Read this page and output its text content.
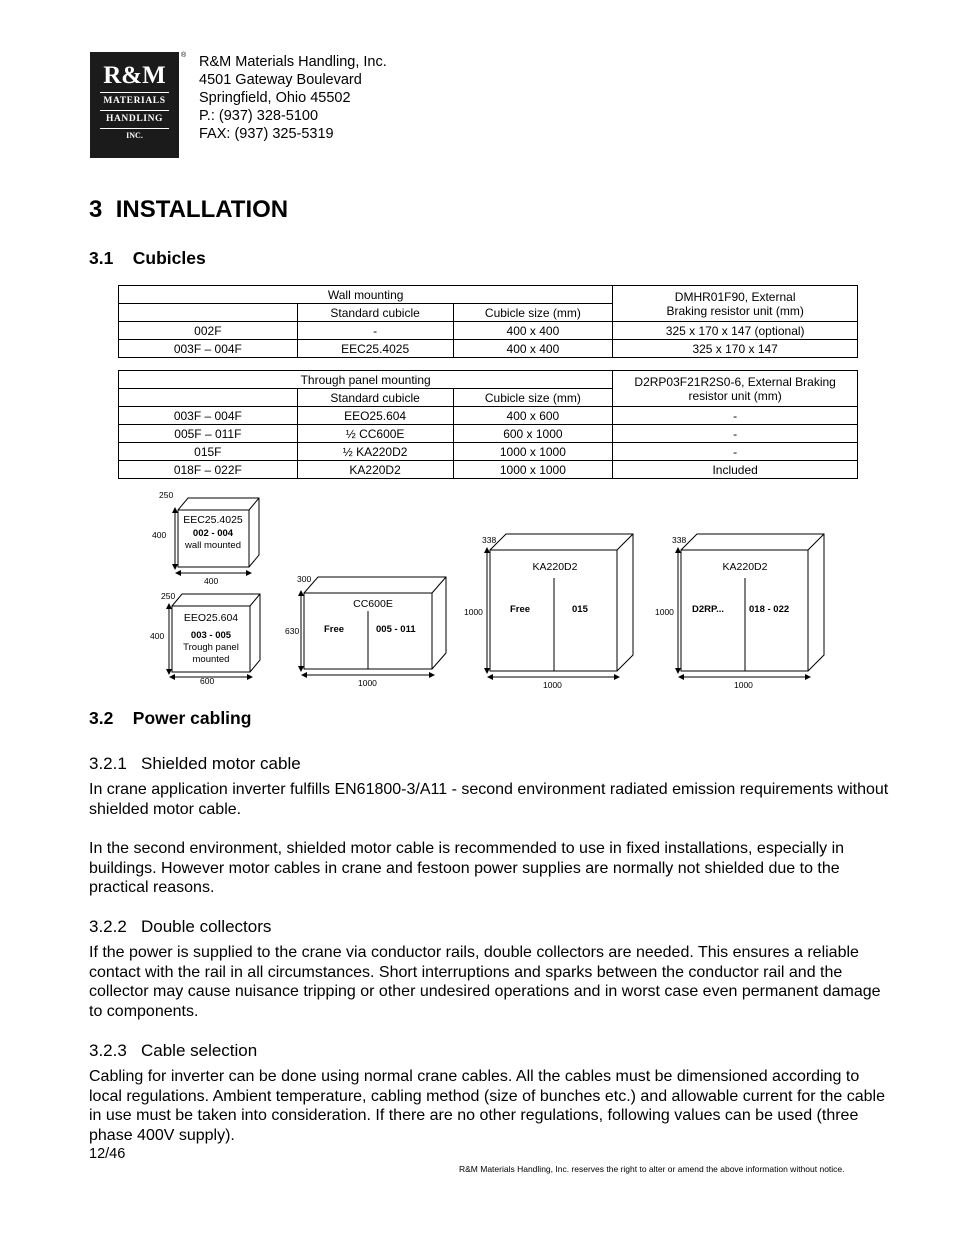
R&M
MATERIALS
HANDLING
INC.
® R&M Materials Handling, Inc.
4501 Gateway Boulevard
Springfield, Ohio 45502
P.: (937) 328-5100
FAX: (937) 325-5319
3 INSTALLATION
3.1 Cubicles
Wall mounting			DMHR01F90, External
Braking resistor unit (mm)

	Standard cubicle	Cubicle size (mm)	
002F	-	400 x 400	325 x 170 x 147 (optional)
003F – 004F	EEC25.4025	400 x 400	325 x 170 x 147
Through panel mounting			D2RP03F21R2S0-6, External Braking
resistor unit (mm)

	Standard cubicle	Cubicle size (mm)	
003F – 004F	EEO25.604	400 x 600	-
005F – 011F	½ CC600E	600 x 1000	-
015F	½ KA220D2	1000 x 1000	-
018F – 022F	KA220D2	1000 x 1000	Included
250
400
400
EEC25.4025
002 - 004
wall mounted
250
400
600
EEO25.604
003 - 005
Trough panel
mounted
300
630
1000
CC600E
Free	005 - 011
338
1000
1000
KA220D2
Free	015
338
1000
1000
KA220D2
D2RP...	018 - 022
3.2 Power cabling
3.2.1 Shielded motor cable
In crane application inverter fulfills EN61800-3/A11 - second environment radiated emission requirements without shielded motor cable.
In the second environment, shielded motor cable is recommended to use in fixed installations, especially in buildings. However motor cables in crane and festoon power supplies are normally not shielded due to the practical reasons.
3.2.2 Double collectors
If the power is supplied to the crane via conductor rails, double collectors are needed. This ensures a reliable contact with the rail in all circumstances. Short interruptions and sparks between the conductor rail and the collector may cause nuisance tripping or other undesired operations and in worst case even permanent damage to components.
3.2.3 Cable selection
Cabling for inverter can be done using normal crane cables. All the cables must be dimensioned according to local regulations. Ambient temperature, cabling method (size of bunches etc.) and allowable current for the cable in use must be taken into consideration. If there are no other regulations, following values can be used (three phase 400V supply).
12/46
R&M Materials Handling, Inc. reserves the right to alter or amend the above information without notice.
